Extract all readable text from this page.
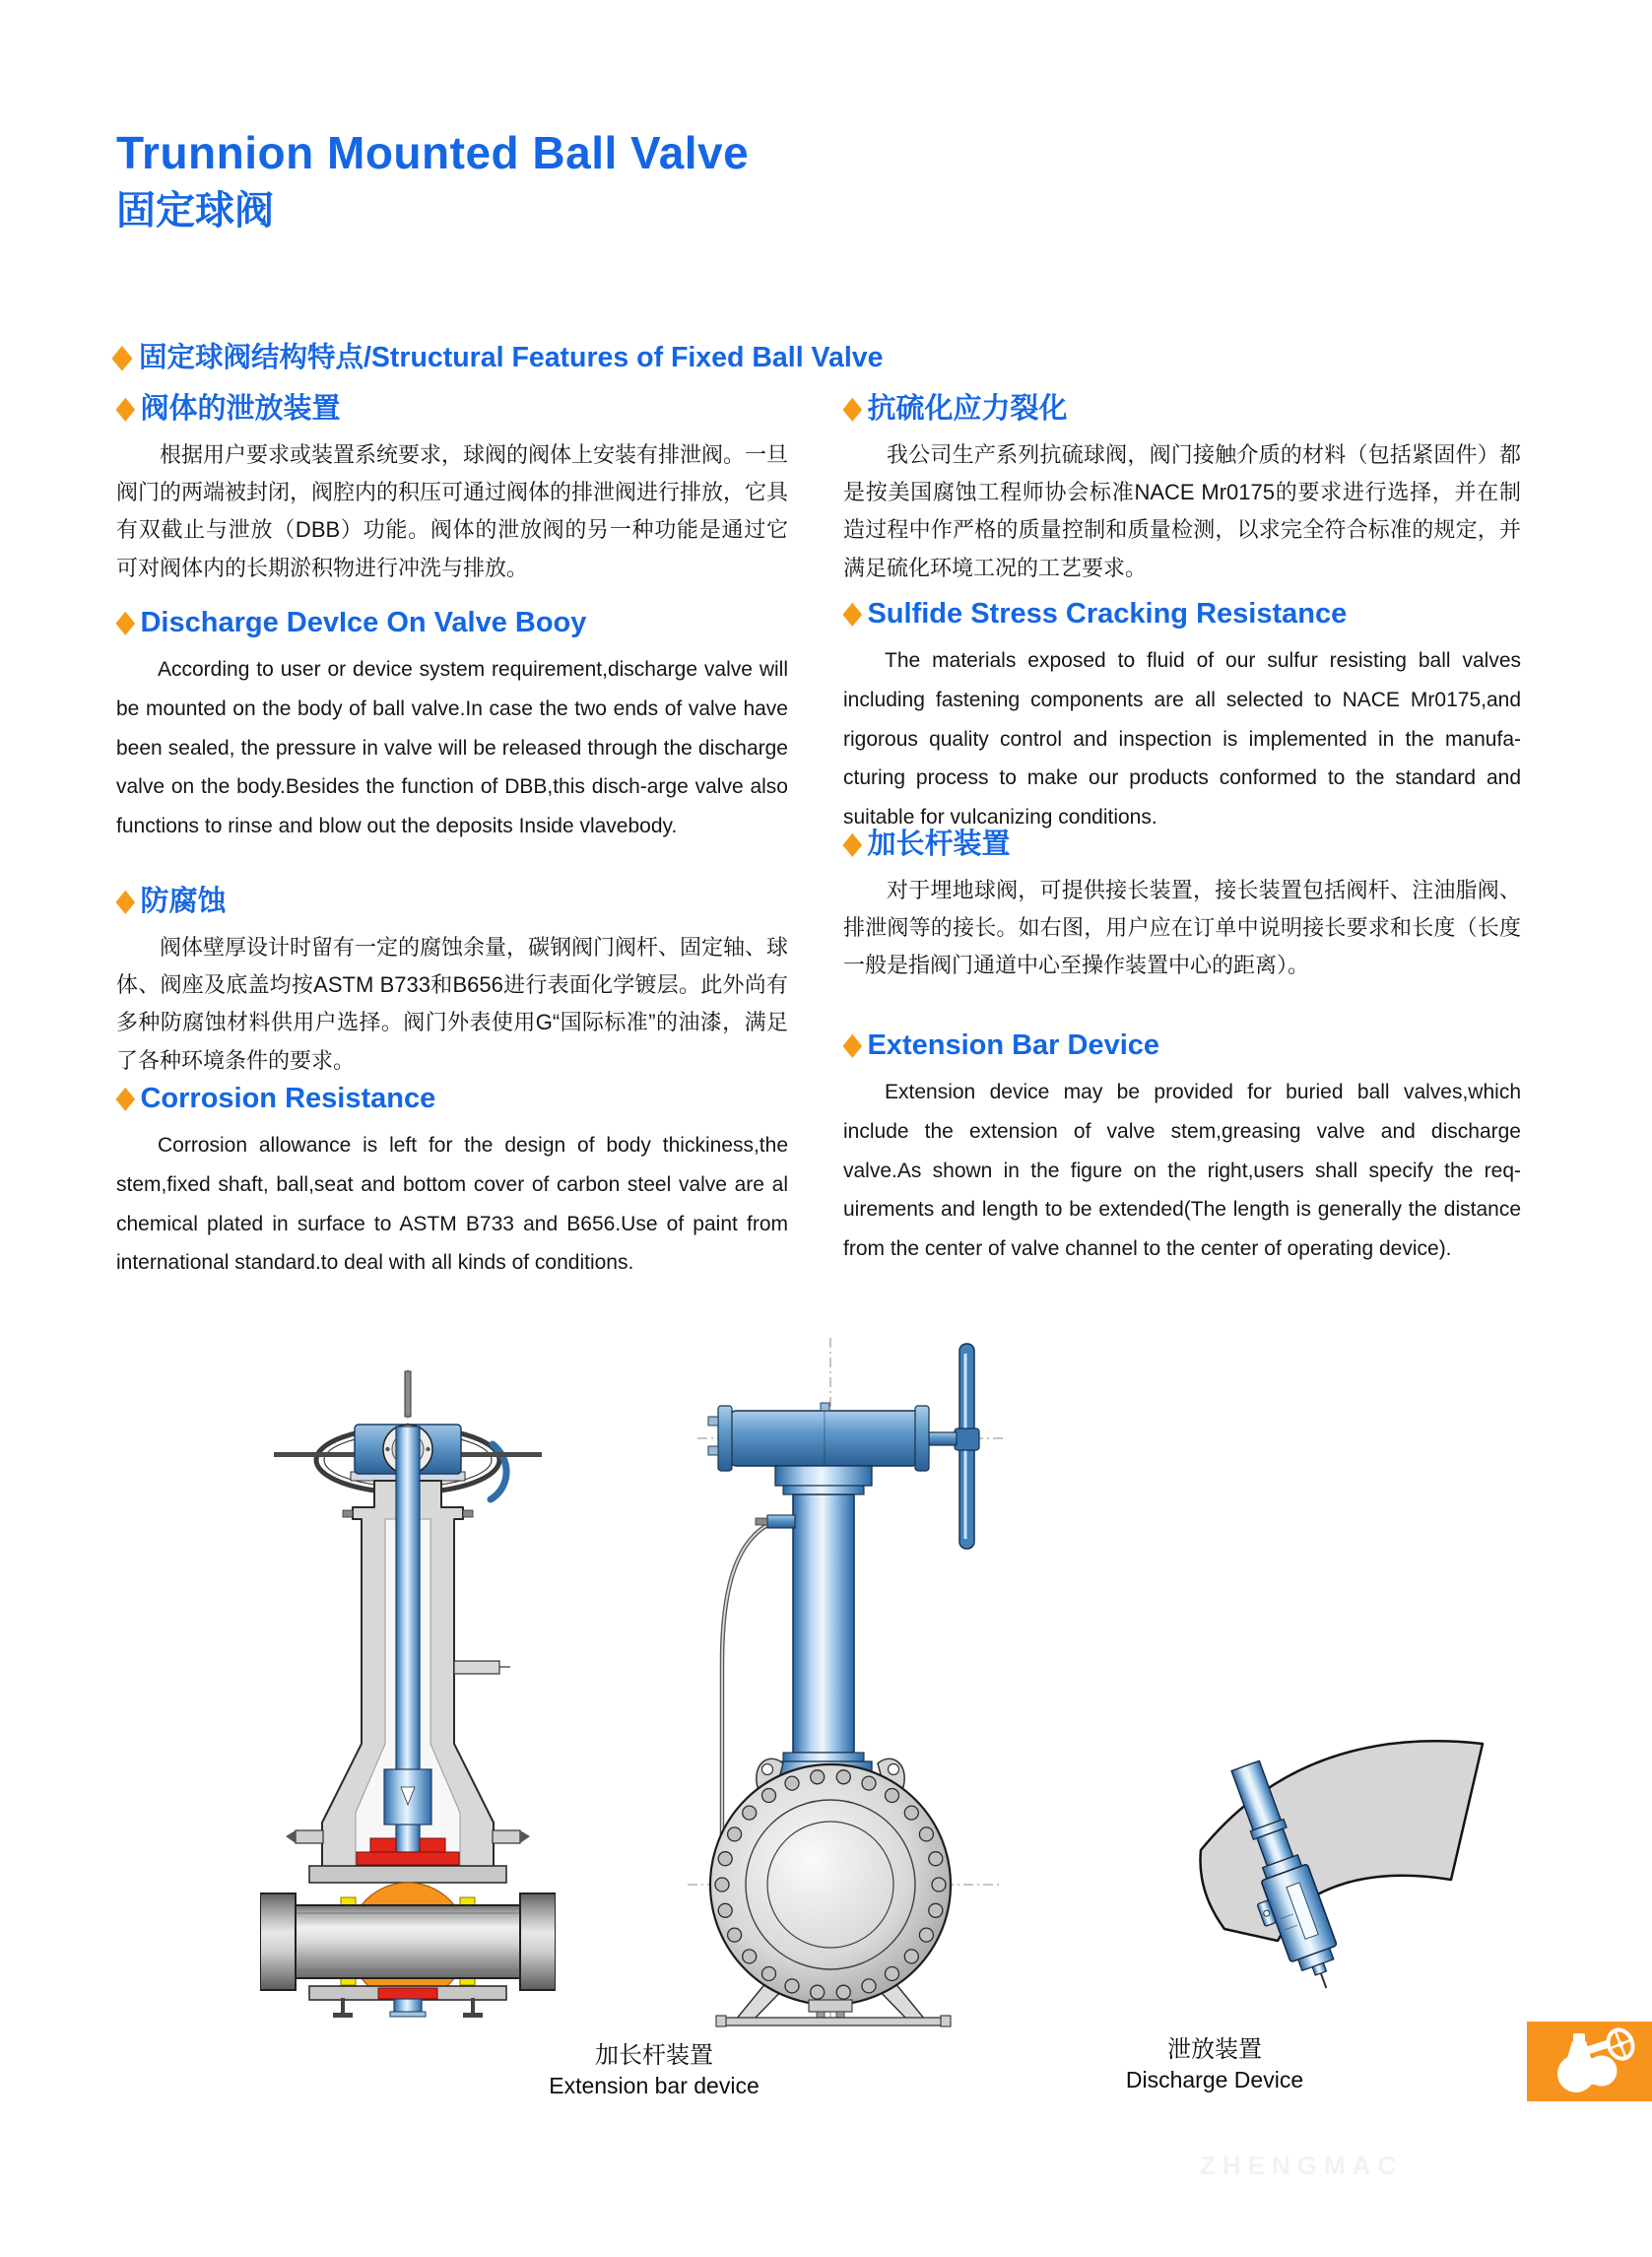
Trunnion Mounted Ball Valve
固定球阀
◆ 固定球阀结构特点/Structural Features of Fixed Ball Valve
◆ 阀体的泄放装置

根据用户要求或装置系统要求，球阀的阀体上安装有排泄阀。一旦阀门的两端被封闭，阀腔内的积压可通过阀体的排泄阀进行排放，它具有双截止与泄放（DBB）功能。阀体的泄放阀的另一种功能是通过它可对阀体内的长期淤积物进行冲洗与排放。

◆ Discharge DevIce On Valve Booy

According to user or device system requirement,discharge valve will be mounted on the body of ball valve.In case the two ends of valve have been sealed, the pressure in valve will be released through the discharge valve on the body.Besides the function of DBB,this disch-arge valve also functions to rinse and blow out the deposits Inside vlavebody.

◆ 防腐蚀

阀体壁厚设计时留有一定的腐蚀余量，碳钢阀门阀杆、固定轴、球体、阀座及底盖均按ASTM B733和B656进行表面化学镀层。此外尚有多种防腐蚀材料供用户选择。阀门外表使用G“国际标准”的油漆，满足了各种环境条件的要求。

◆ Corrosion Resistance

Corrosion allowance is left for the design of body thickiness,the stem,fixed shaft, ball,seat and bottom cover of carbon steel valve are al chemical plated in surface to ASTM B733 and B656.Use of paint from international standard.to deal with all kinds of conditions.

◆ 抗硫化应力裂化

我公司生产系列抗硫球阀，阀门接触介质的材料（包括紧固件）都是按美国腐蚀工程师协会标准NACE Mr0175的要求进行选择，并在制造过程中作严格的质量控制和质量检测，以求完全符合标准的规定，并满足硫化环境工况的工艺要求。

◆ Sulfide Stress Cracking Resistance

The materials exposed to fluid of our sulfur resisting ball valves including fastening components are all selected to NACE Mr0175,and rigorous quality control and inspection is implemented in the manufa-cturing process to make our products conformed to the standard and suitable for vulcanizing conditions.

◆ 加长杆装置

对于埋地球阀，可提供接长装置，接长装置包括阀杆、注油脂阀、排泄阀等的接长。如右图，用户应在订单中说明接长要求和长度（长度一般是指阀门通道中心至操作装置中心的距离）。

◆ Extension Bar Device

Extension device may be provided for buried ball valves,which include the extension of valve stem,greasing valve and discharge valve.As shown in the figure on the right,users shall specify the req-uirements and length to be extended(The length is generally the distance from the center of valve channel to the center of operating device).

加长杆装置
Extension bar device
泄放装置
Discharge Device
ZHENGMAC
